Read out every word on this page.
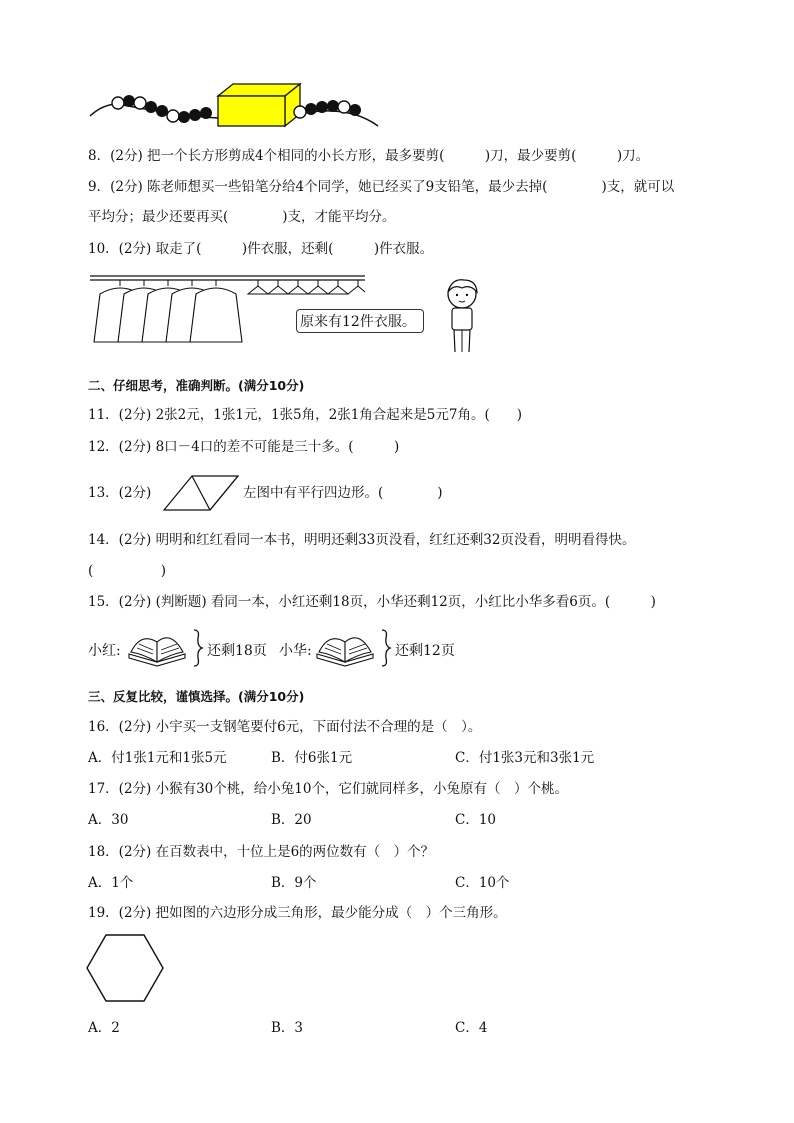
8．(2分) 把一个长方形剪成4个相同的小长方形，最多要剪(　　　)刀，最少要剪(　　　)刀。
9．(2分) 陈老师想买一些铅笔分给4个同学，她已经买了9支铅笔，最少去掉(　　　　)支，就可以
平均分；最少还要再买(　　　　)支，才能平均分。
10．(2分) 取走了(　　　)件衣服，还剩(　　　)件衣服。
原来有12件衣服。
二、仔细思考，准确判断。(满分10分)
11．(2分) 2张2元，1张1元，1张5角，2张1角合起来是5元7角。(　　)
12．(2分) 8口－4口的差不可能是三十多。(　　　)
13．(2分)	左图中有平行四边形。(　　　　)
14．(2分) 明明和红红看同一本书，明明还剩33页没看，红红还剩32页没看，明明看得快。
(　　　　　)
15．(2分) (判断题) 看同一本，小红还剩18页，小华还剩12页，小红比小华多看6页。(　　　)
小红:	还剩18页 小华:	还剩12页
三、反复比较，谨慎选择。(满分10分)
16．(2分) 小宇买一支钢笔要付6元，下面付法不合理的是（　）。
A．付1张1元和1张5元	B．付6张1元	C．付1张3元和3张1元
17．(2分) 小猴有30个桃，给小兔10个，它们就同样多，小兔原有（　）个桃。
A．30	B．20	C．10
18．(2分) 在百数表中，十位上是6的两位数有（　）个？
A．1个	B．9个	C．10个
19．(2分) 把如图的六边形分成三角形，最少能分成（　）个三角形。
A．2	B．3	C．4
